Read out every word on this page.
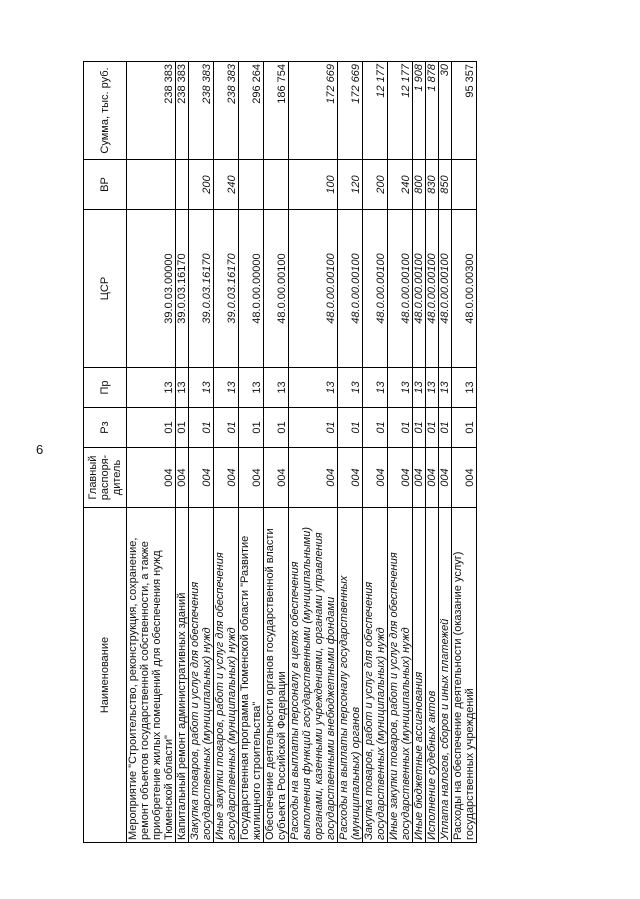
6
Наименование	Главный распоря-дитель	Рз	Пр	ЦСР	ВР	Сумма, тыс. руб.
Мероприятие "Строительство, реконструкция, сохранение, ремонт объектов государственной собственности, а также приобретение жилых помещений для обеспечения нужд Тюменской области"	004	01	13	39.0.03.00000		238 383
Капитальный ремонт административных зданий	004	01	13	39.0.03.16170		238 383
Закупка товаров, работ и услуг для обеспечения государственных (муниципальных) нужд	004	01	13	39.0.03.16170	200	238 383
Иные закупки товаров, работ и услуг для обеспечения государственных (муниципальных) нужд	004	01	13	39.0.03.16170	240	238 383
Государственная программа Тюменской области "Развитие жилищного строительства"	004	01	13	48.0.00.00000		296 264
Обеспечение деятельности органов государственной власти субъекта Российской Федерации	004	01	13	48.0.00.00100		186 754
Расходы на выплаты персоналу в целях обеспечения выполнения функций государственными (муниципальными) органами, казенными учреждениями, органами управления государственными внебюджетными фондами	004	01	13	48.0.00.00100	100	172 669
Расходы на выплаты персоналу государственных (муниципальных) органов	004	01	13	48.0.00.00100	120	172 669
Закупка товаров, работ и услуг для обеспечения государственных (муниципальных) нужд	004	01	13	48.0.00.00100	200	12 177
Иные закупки товаров, работ и услуг для обеспечения государственных (муниципальных) нужд	004	01	13	48.0.00.00100	240	12 177
Иные бюджетные ассигнования	004	01	13	48.0.00.00100	800	1 908
Исполнение судебных актов	004	01	13	48.0.00.00100	830	1 878
Уплата налогов, сборов и иных платежей	004	01	13	48.0.00.00100	850	30
Расходы на обеспечение деятельности (оказание услуг) государственных учреждений	004	01	13	48.0.00.00300		95 357
